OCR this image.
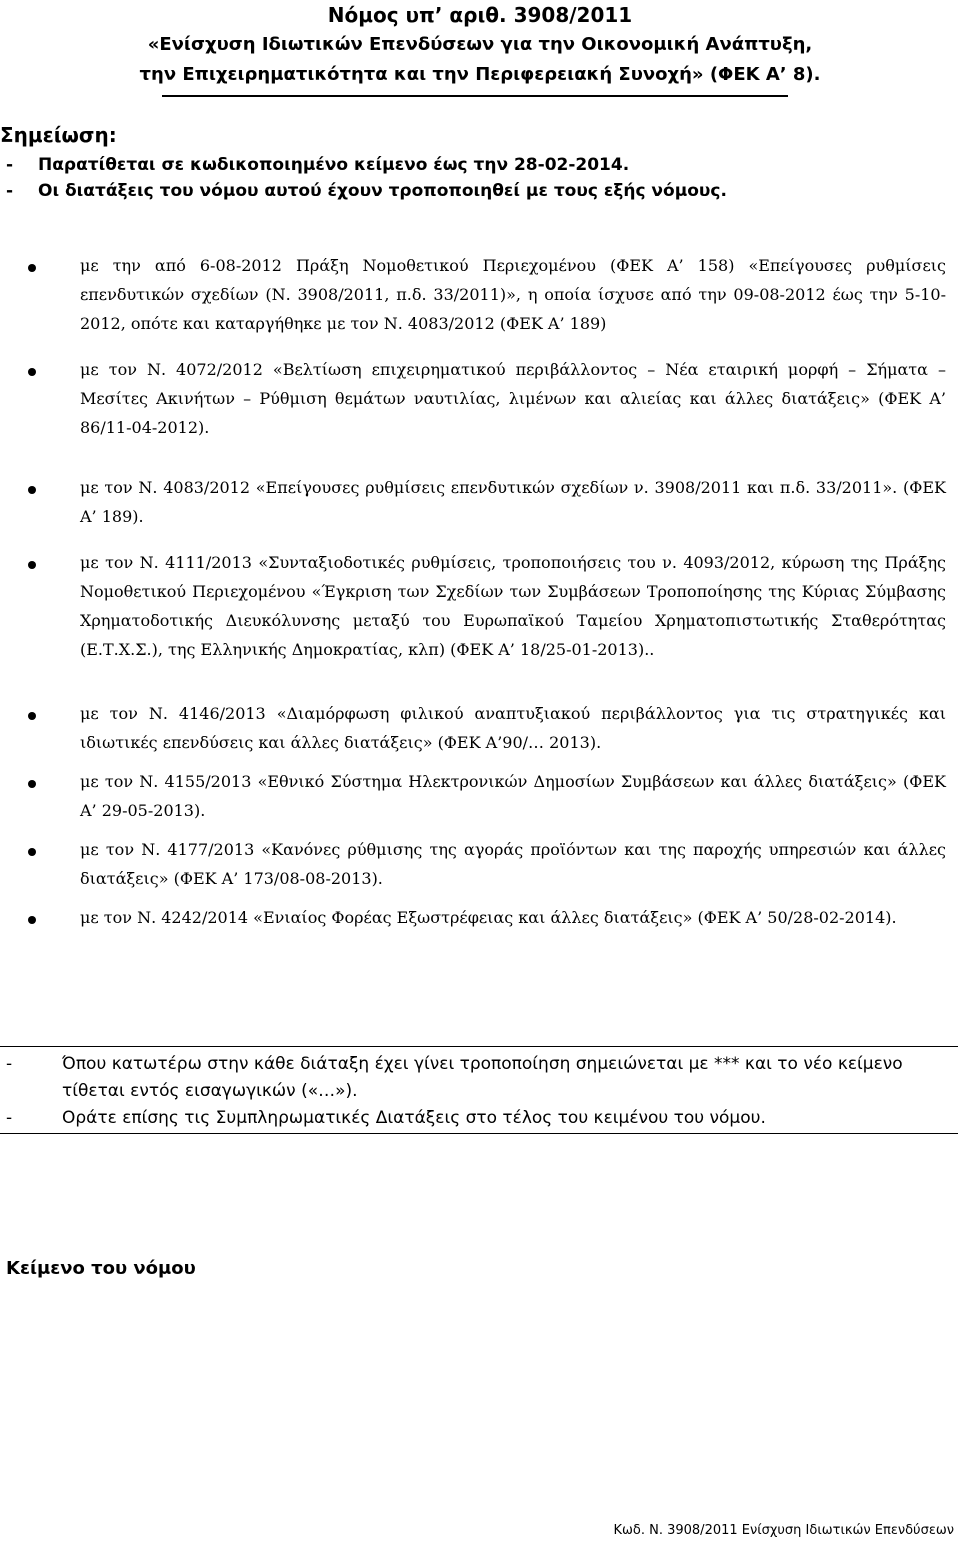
Νόμος υπ’ αριθ. 3908/2011
«Ενίσχυση Ιδιωτικών Επενδύσεων για την Οικονομική Ανάπτυξη,
την Επιχειρηματικότητα και την Περιφερειακή Συνοχή» (ΦΕΚ Α’ 8).
Σημείωση:
- Παρατίθεται σε κωδικοποιημένο κείμενο έως την 28-02-2014.
- Οι διατάξεις του νόμου αυτού έχουν τροποποιηθεί με τους εξής νόμους.
με την από 6-08-2012 Πράξη Νομοθετικού Περιεχομένου (ΦΕΚ Α’ 158) «Επείγουσες ρυθμίσεις επενδυτικών σχεδίων (Ν. 3908/2011, π.δ. 33/2011)», η οποία ίσχυσε από την 09-08-2012 έως την 5-10-2012, οπότε και καταργήθηκε με τον Ν. 4083/2012 (ΦΕΚ Α’ 189)
με τον Ν. 4072/2012 «Βελτίωση επιχειρηματικού περιβάλλοντος – Νέα εταιρική μορφή – Σήματα – Μεσίτες Ακινήτων – Ρύθμιση θεμάτων ναυτιλίας, λιμένων και αλιείας και άλλες διατάξεις» (ΦΕΚ Α’ 86/11-04-2012).
με τον Ν. 4083/2012 «Επείγουσες ρυθμίσεις επενδυτικών σχεδίων ν. 3908/2011 και π.δ. 33/2011». (ΦΕΚ Α’ 189).
με τον Ν. 4111/2013 «Συνταξιοδοτικές ρυθμίσεις, τροποποιήσεις του ν. 4093/2012, κύρωση της Πράξης Νομοθετικού Περιεχομένου «Έγκριση των Σχεδίων των Συμβάσεων Τροποποίησης της Κύριας Σύμβασης Χρηματοδοτικής Διευκόλυνσης μεταξύ του Ευρωπαϊκού Ταμείου Χρηματοπιστωτικής Σταθερότητας (Ε.Τ.Χ.Σ.), της Ελληνικής Δημοκρατίας, κλπ) (ΦΕΚ Α’ 18/25-01-2013)..
με τον Ν. 4146/2013 «Διαμόρφωση φιλικού αναπτυξιακού περιβάλλοντος για τις στρατηγικές και ιδιωτικές επενδύσεις και άλλες διατάξεις» (ΦΕΚ Α’90/… 2013).
με τον Ν. 4155/2013 «Εθνικό Σύστημα Ηλεκτρονικών Δημοσίων Συμβάσεων και άλλες διατάξεις» (ΦΕΚ Α’ 29-05-2013).
με τον Ν. 4177/2013 «Κανόνες ρύθμισης της αγοράς προϊόντων και της παροχής υπηρεσιών και άλλες διατάξεις» (ΦΕΚ Α’ 173/08-08-2013).
με τον Ν. 4242/2014 «Ενιαίος Φορέας Εξωστρέφειας και άλλες διατάξεις» (ΦΕΚ Α’ 50/28-02-2014).
-	Όπου κατωτέρω στην κάθε διάταξη έχει γίνει τροποποίηση σημειώνεται με *** και το νέο κείμενο τίθεται εντός εισαγωγικών («…»).
-	Οράτε επίσης τις Συμπληρωματικές Διατάξεις στο τέλος του κειμένου του νόμου.
Κείμενο του νόμου
Κωδ. Ν. 3908/2011 Ενίσχυση Ιδιωτικών Επενδύσεων
